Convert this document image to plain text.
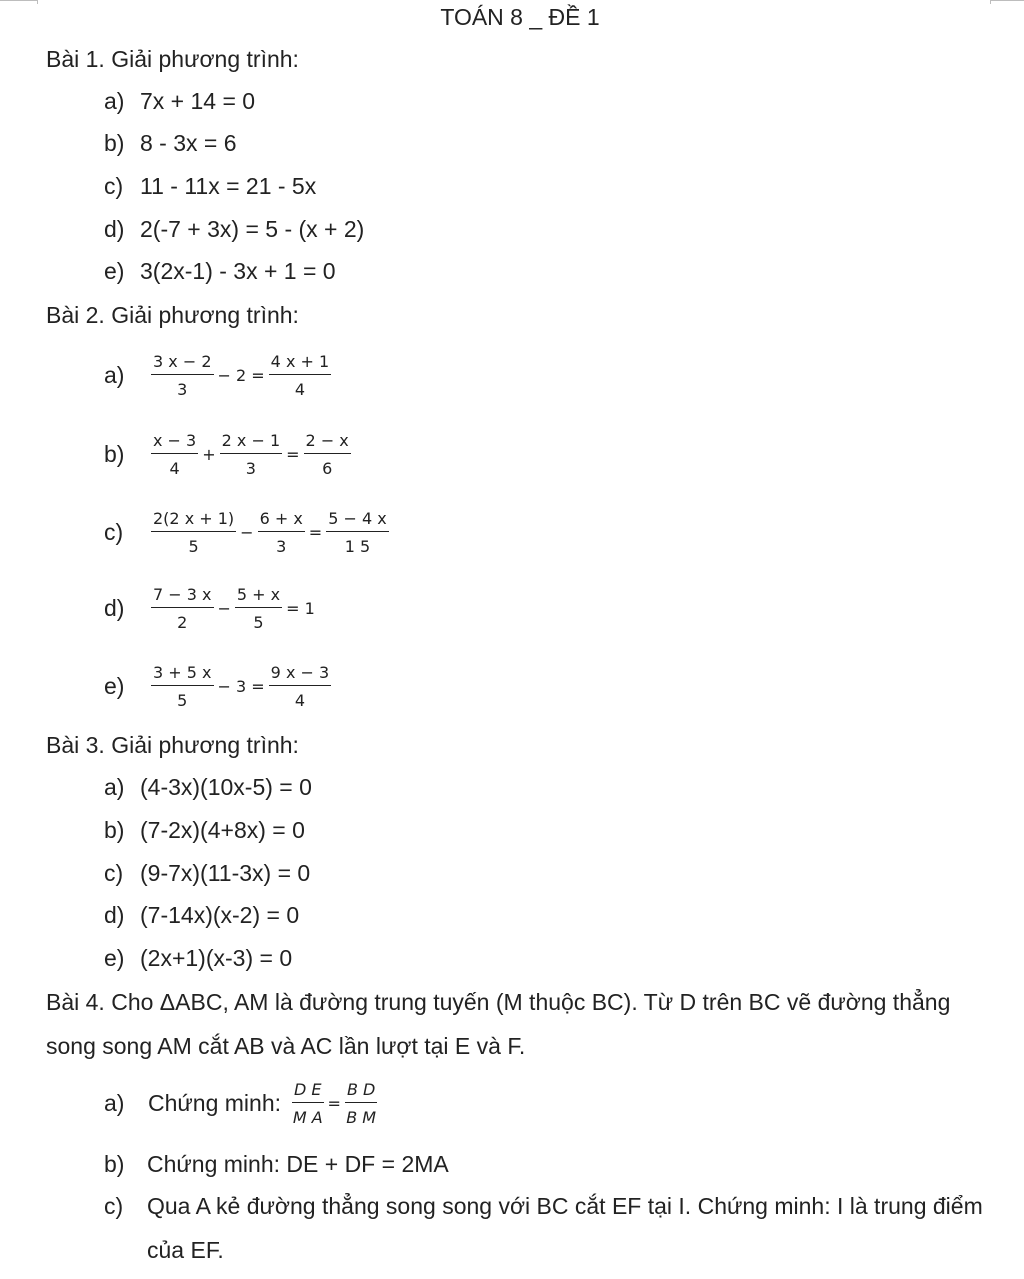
TOÁN 8 _ ĐỀ 1
Bài 1. Giải phương trình:
a) 7x + 14 = 0
b) 8 - 3x = 6
c) 11 - 11x = 21 - 5x
d) 2(-7 + 3x) = 5 - (x + 2)
e) 3(2x-1) - 3x + 1 = 0
Bài 2. Giải phương trình:
a)	$\frac{3 x - 2}{3} - 2 = \frac{4 x + 1}{4}$
b)	$\frac{x - 3}{4} + \frac{2 x - 1}{3} = \frac{2 - x}{6}$
c)	$\frac{2(2 x + 1)}{5} - \frac{6 + x}{3} = \frac{5 - 4 x}{1 5}$
d)	$\frac{7 - 3 x}{2} - \frac{5 + x}{5} = 1$
e)	$\frac{3 + 5 x}{5} - 3 = \frac{9 x - 3}{4}$
Bài 3. Giải phương trình:
a) (4-3x)(10x-5) = 0
b) (7-2x)(4+8x) = 0
c) (9-7x)(11-3x) = 0
d) (7-14x)(x-2) = 0
e) (2x+1)(x-3) = 0
Bài 4. Cho ΔABC, AM là đường trung tuyến (M thuộc BC). Từ D trên BC vẽ đường thẳng song song AM cắt AB và AC lần lượt tại E và F.
a)	Chứng minh: $\frac{\text{D E}}{\text{M A}} = \frac{\text{B D}}{\text{B M}}$
b) Chứng minh: DE + DF = 2MA
c)	Qua A kẻ đường thẳng song song với BC cắt EF tại I. Chứng minh: I là trung điểm của EF.
